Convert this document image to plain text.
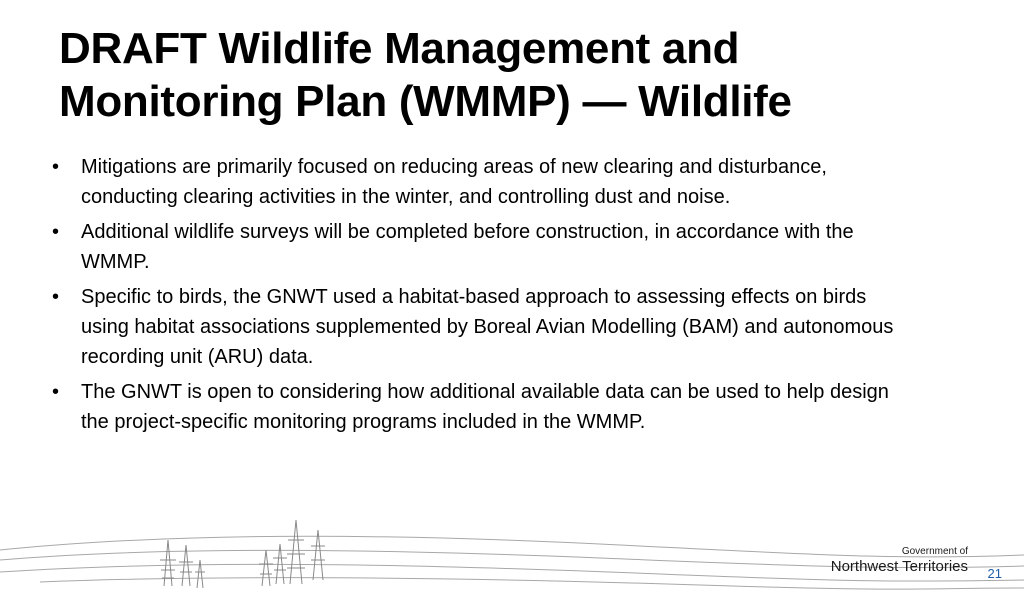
DRAFT Wildlife Management and
Monitoring Plan (WMMP) — Wildlife
• Mitigations are primarily focused on reducing areas of new clearing and disturbance, conducting clearing activities in the winter, and controlling dust and noise.
• Additional wildlife surveys will be completed before construction, in accordance with the WMMP.
• Specific to birds, the GNWT used a habitat-based approach to assessing effects on birds using habitat associations supplemented by Boreal Avian Modelling (BAM) and autonomous recording unit (ARU) data.
• The GNWT is open to considering how additional available data can be used to help design the project-specific monitoring programs included in the WMMP.
Government of
Northwest Territories 21
